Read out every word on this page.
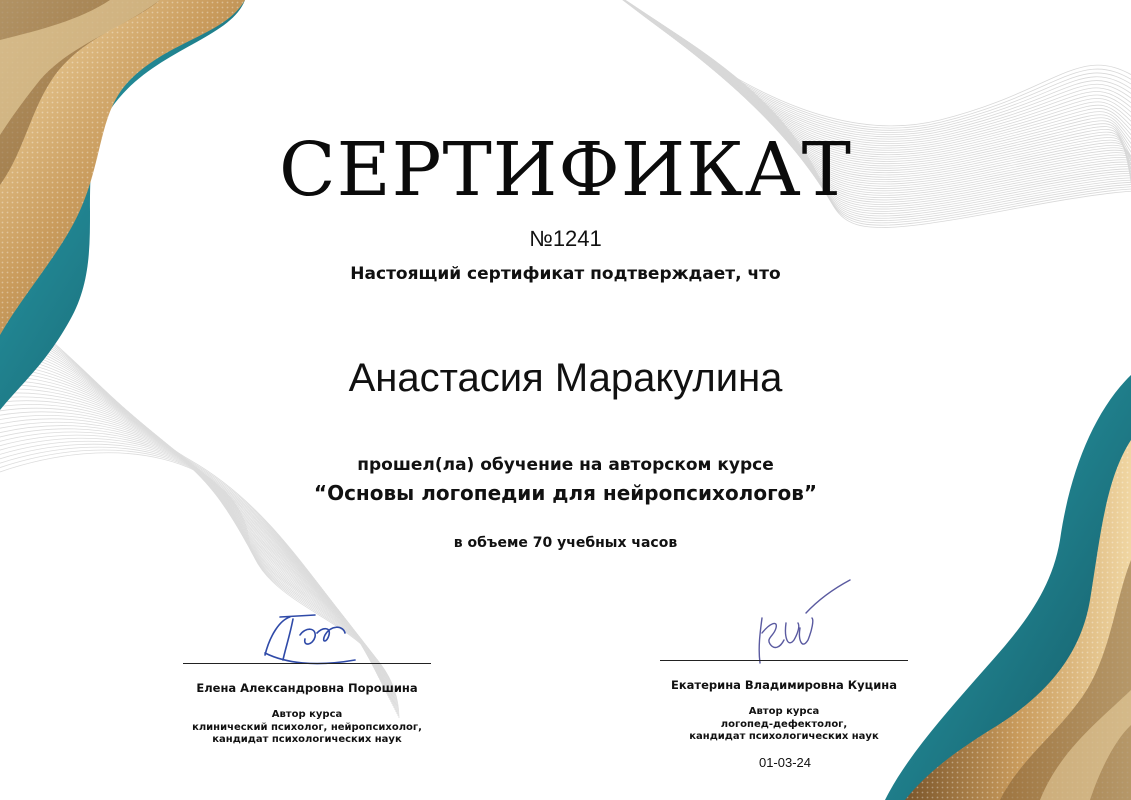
СЕРТИФИКАТ
№1241
Настоящий сертификат подтверждает, что
Анастасия Маракулина
прошел(ла) обучение на авторском курсе
“Основы логопедии для нейропсихологов”
в объеме 70 учебных часов
Елена Александровна Порошина
Автор курса
клинический психолог, нейропсихолог,
кандидат психологических наук
Екатерина Владимировна Куцина
Автор курса
логопед-дефектолог,
кандидат психологических наук
01-03-24
